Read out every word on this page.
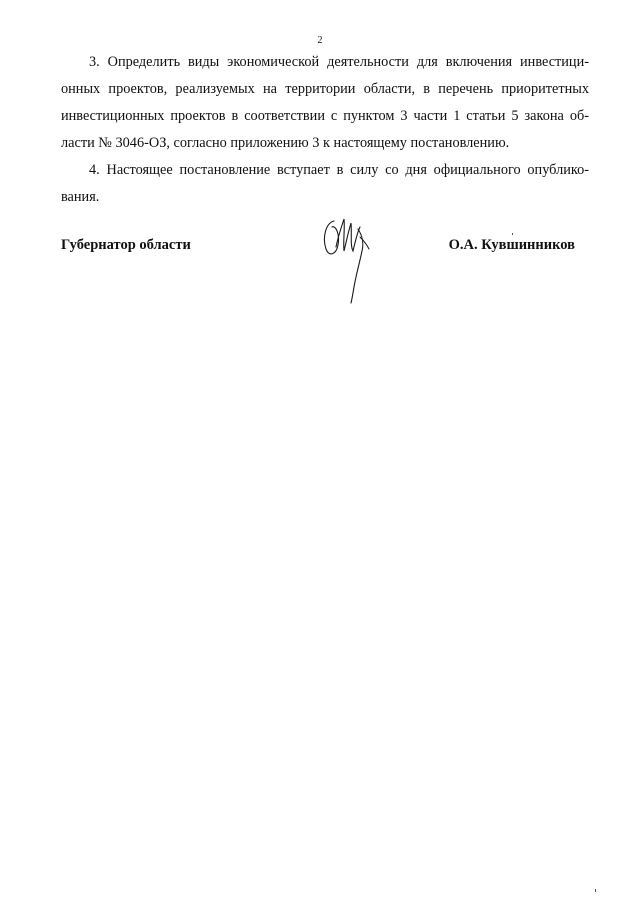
2

3. Определить виды экономической деятельности для включения инвестици- онных проектов, реализуемых на территории области, в перечень приоритетных инвестиционных проектов в соответствии с пунктом 3 части 1 статьи 5 закона об- ласти № 3046-ОЗ, согласно приложению 3 к настоящему постановлению.

4. Настоящее постановление вступает в силу со дня официального опублико- вания.

Губернатор области	О.А. Кувшинников
